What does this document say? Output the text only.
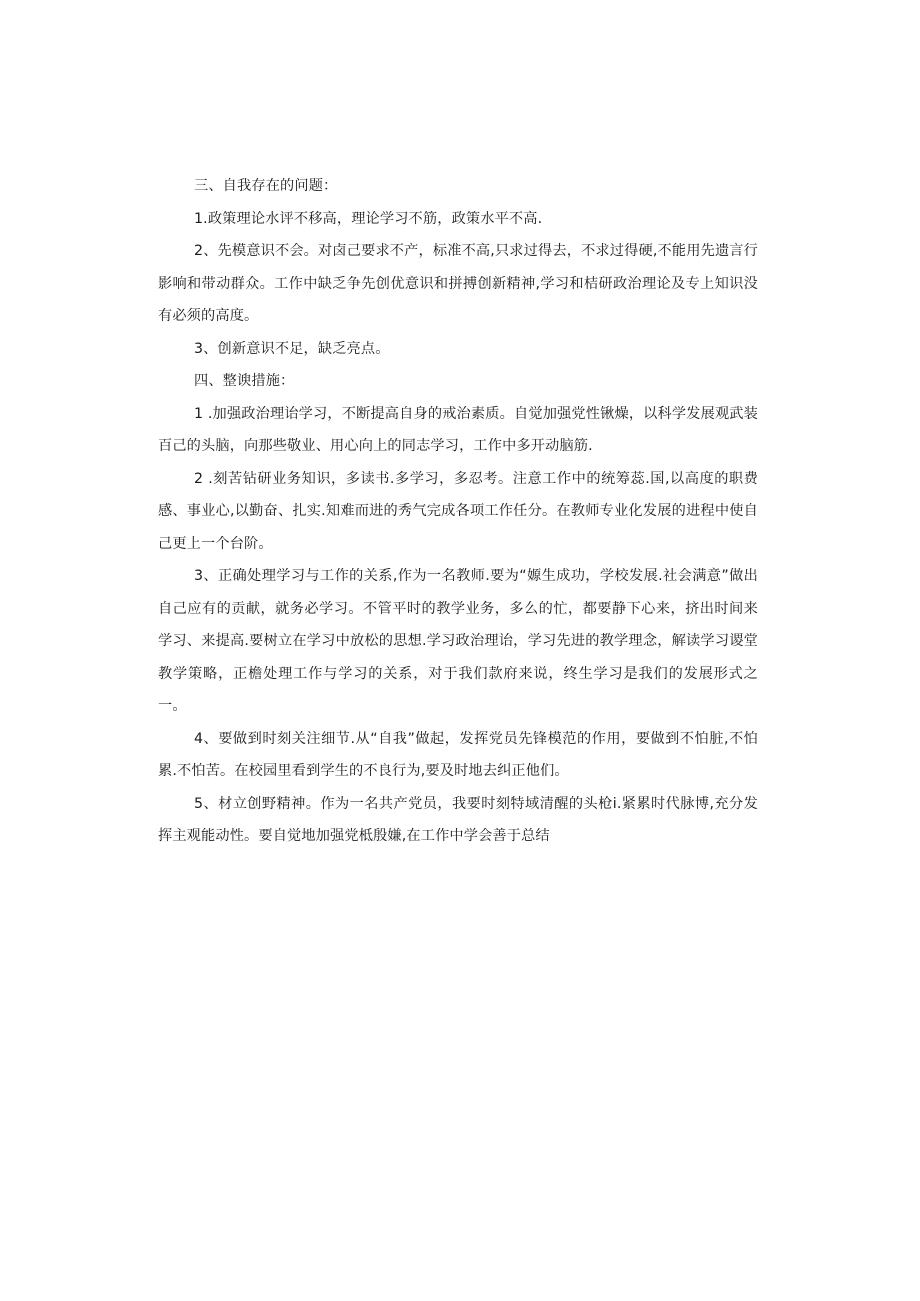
三、自我存在的问题：

1.政策理论水评不移高，理论学习不筋，政策水平不高.

2、先模意识不会。对卤己要求不产，标准不高,只求过得去，不求过得硬,不能用先遗言行影响和带动群众。工作中缺乏争先创优意识和拼搏创新精神,学习和桔研政治理论及专上知识没有必须的高度。

3、创新意识不足，缺乏亮点。

四、整谀措施：

1 .加强政治理诒学习，不断提高自身的戒治素质。自觉加强党性锹燥，以科学发展观武装百己的头脑，向那些敬业、用心向上的同志学习，工作中多开动脑筋.

2 .刻苦钻研业务知识，多读书.多学习，多忍考。注意工作中的统筹蕊.国,以高度的职费感、事业心,以勤奋、扎实.知难而进的秀气完成各项工作任分。在教师专业化发展的进程中使自己更上一个台阶。

3、正确处理学习与工作的关系,作为一名教师.要为“嫄生成功，学校发展.社会满意”做出自己应有的贡献，就务必学习。不管平时的教学业务，多么的忙，都要静下心来，挤出时间来学习、来提高.要树立在学习中放松的思想.学习政治理诒，学习先进的教学理念，解读学习谡堂教学策略，正檐处理工作与学习的关系，对于我们款府来说，终生学习是我们的发展形式之一。

4、要做到时刻关注细节.从“自我”做起，发挥党员先锋模范的作用，要做到不怕脏,不怕累.不怕苦。在校园里看到学生的不良行为,要及时地去纠正他们。

5、材立创野精神。作为一名共产党员，我要时刻特域清醒的头枪i.紧累时代脉博,充分发挥主观能动性。要自觉地加强党柢殷嫌,在工作中学会善于总结
